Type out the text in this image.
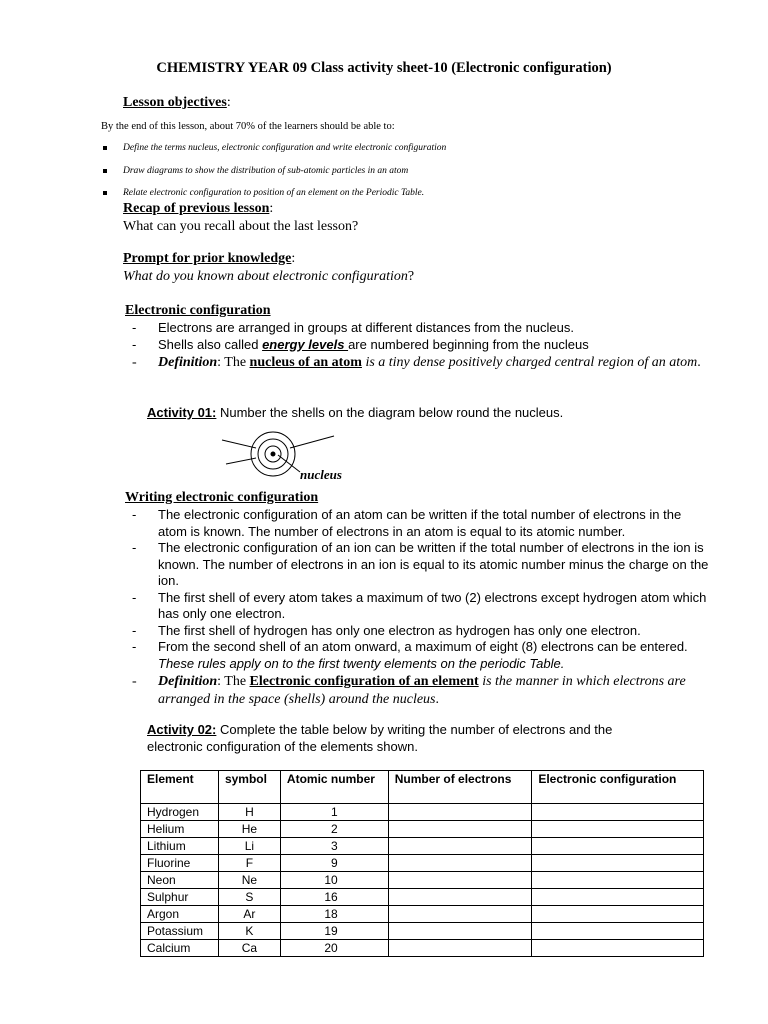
CHEMISTRY YEAR 09 Class activity sheet-10 (Electronic configuration)
Lesson objectives:
By the end of this lesson, about 70% of the learners should be able to:
Define the terms nucleus, electronic configuration and write electronic configuration
Draw diagrams to show the distribution of sub-atomic particles in an atom
Relate electronic configuration to position of an element on the Periodic Table.
Recap of previous lesson:
What can you recall about the last lesson?
Prompt for prior knowledge:
What do you known about electronic configuration?
Electronic configuration

- Electrons are arranged in groups at different distances from the nucleus.

- Shells also called energy levels are numbered beginning from the nucleus

- Definition: The nucleus of an atom is a tiny dense positively charged central region of an atom.

Activity 01: Number the shells on the diagram below round the nucleus.
nucleus
Writing electronic configuration

- The electronic configuration of an atom can be written if the total number of electrons in the atom is known. The number of electrons in an atom is equal to its atomic number.

- The electronic configuration of an ion can be written if the total number of electrons in the ion is known. The number of electrons in an ion is equal to its atomic number minus the charge on the ion.

- The first shell of every atom takes a maximum of two (2) electrons except hydrogen atom which has only one electron.

- The first shell of hydrogen has only one electron as hydrogen has only one electron.

- From the second shell of an atom onward, a maximum of eight (8) electrons can be entered. These rules apply on to the first twenty elements on the periodic Table.

- Definition: The Electronic configuration of an element is the manner in which electrons are arranged in the space (shells) around the nucleus.

Activity 02: Complete the table below by writing the number of electrons and the electronic configuration of the elements shown.
Element	symbol	Atomic number	Number of electrons	Electronic configuration
Hydrogen	H	1		
Helium	He	2		
Lithium	Li	3		
Fluorine	F	9		
Neon	Ne	10		
Sulphur	S	16		
Argon	Ar	18		
Potassium	K	19		
Calcium	Ca	20		
